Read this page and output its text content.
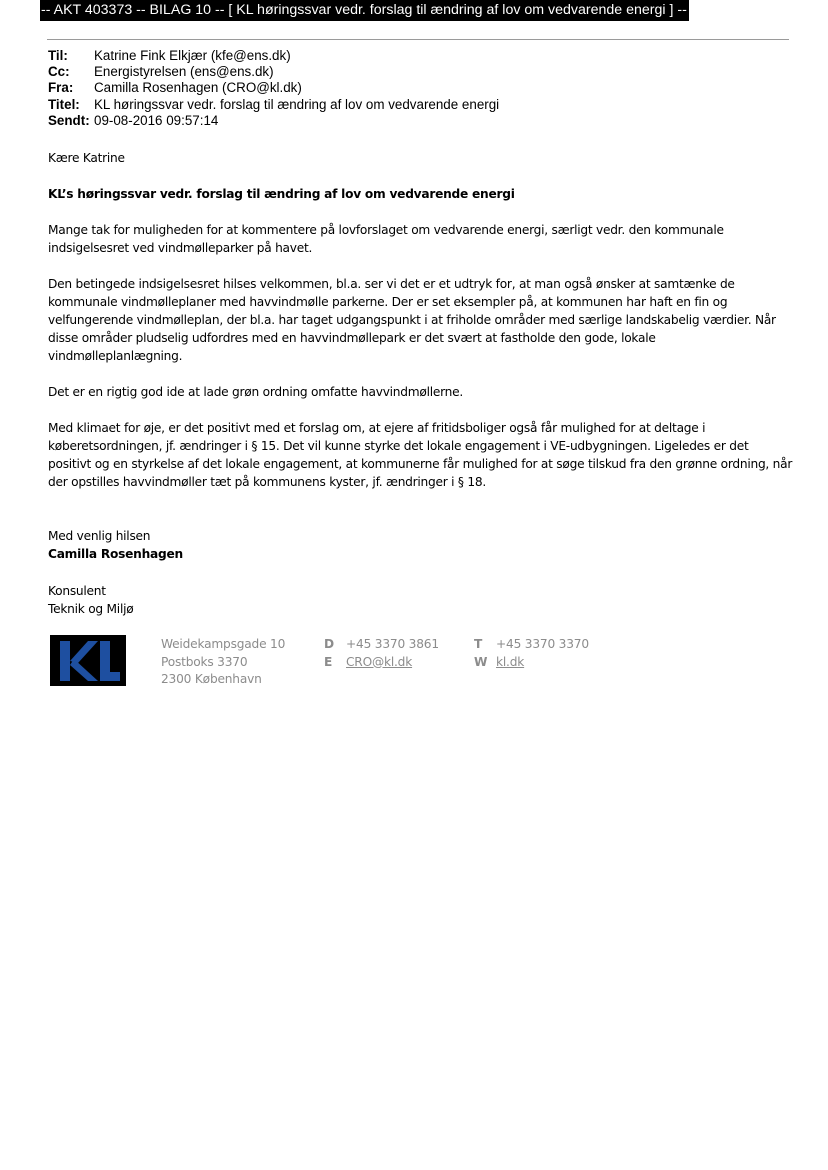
-- AKT 403373 -- BILAG 10 -- [ KL høringssvar vedr. forslag til ændring af lov om vedvarende energi ] --
Til:	Katrine Fink Elkjær (kfe@ens.dk)
Cc:	Energistyrelsen (ens@ens.dk)
Fra:	Camilla Rosenhagen (CRO@kl.dk)
Titel:	KL høringssvar vedr. forslag til ændring af lov om vedvarende energi
Sendt: 09-08-2016 09:57:14

Kære Katrine

KL’s høringssvar vedr. forslag til ændring af lov om vedvarende energi

Mange tak for muligheden for at kommentere på lovforslaget om vedvarende energi, særligt vedr. den kommunale indsigelsesret ved vindmølleparker på havet.

Den betingede indsigelsesret hilses velkommen, bl.a. ser vi det er et udtryk for, at man også ønsker at samtænke de kommunale vindmølleplaner med havvindmølle parkerne. Der er set eksempler på, at kommunen har haft en fin og velfungerende vindmølleplan, der bl.a. har taget udgangspunkt i at friholde områder med særlige landskabelig værdier. Når disse områder pludselig udfordres med en havvindmøllepark er det svært at fastholde den gode, lokale vindmølleplanlægning.

Det er en rigtig god ide at lade grøn ordning omfatte havvindmøllerne.

Med klimaet for øje, er det positivt med et forslag om, at ejere af fritidsboliger også får mulighed for at deltage i køberetsordningen, jf. ændringer i § 15. Det vil kunne styrke det lokale engagement i VE-udbygningen. Ligeledes er det positivt og en styrkelse af det lokale engagement, at kommunerne får mulighed for at søge tilskud fra den grønne ordning, når der opstilles havvindmøller tæt på kommunens kyster, jf. ændringer i § 18.

Med venlig hilsen
Camilla Rosenhagen
Konsulent
Teknik og Miljø
Weidekampsgade 10
Postboks 3370
2300 København
D +45 3370 3861
E CRO@kl.dk
T +45 3370 3370
W kl.dk
